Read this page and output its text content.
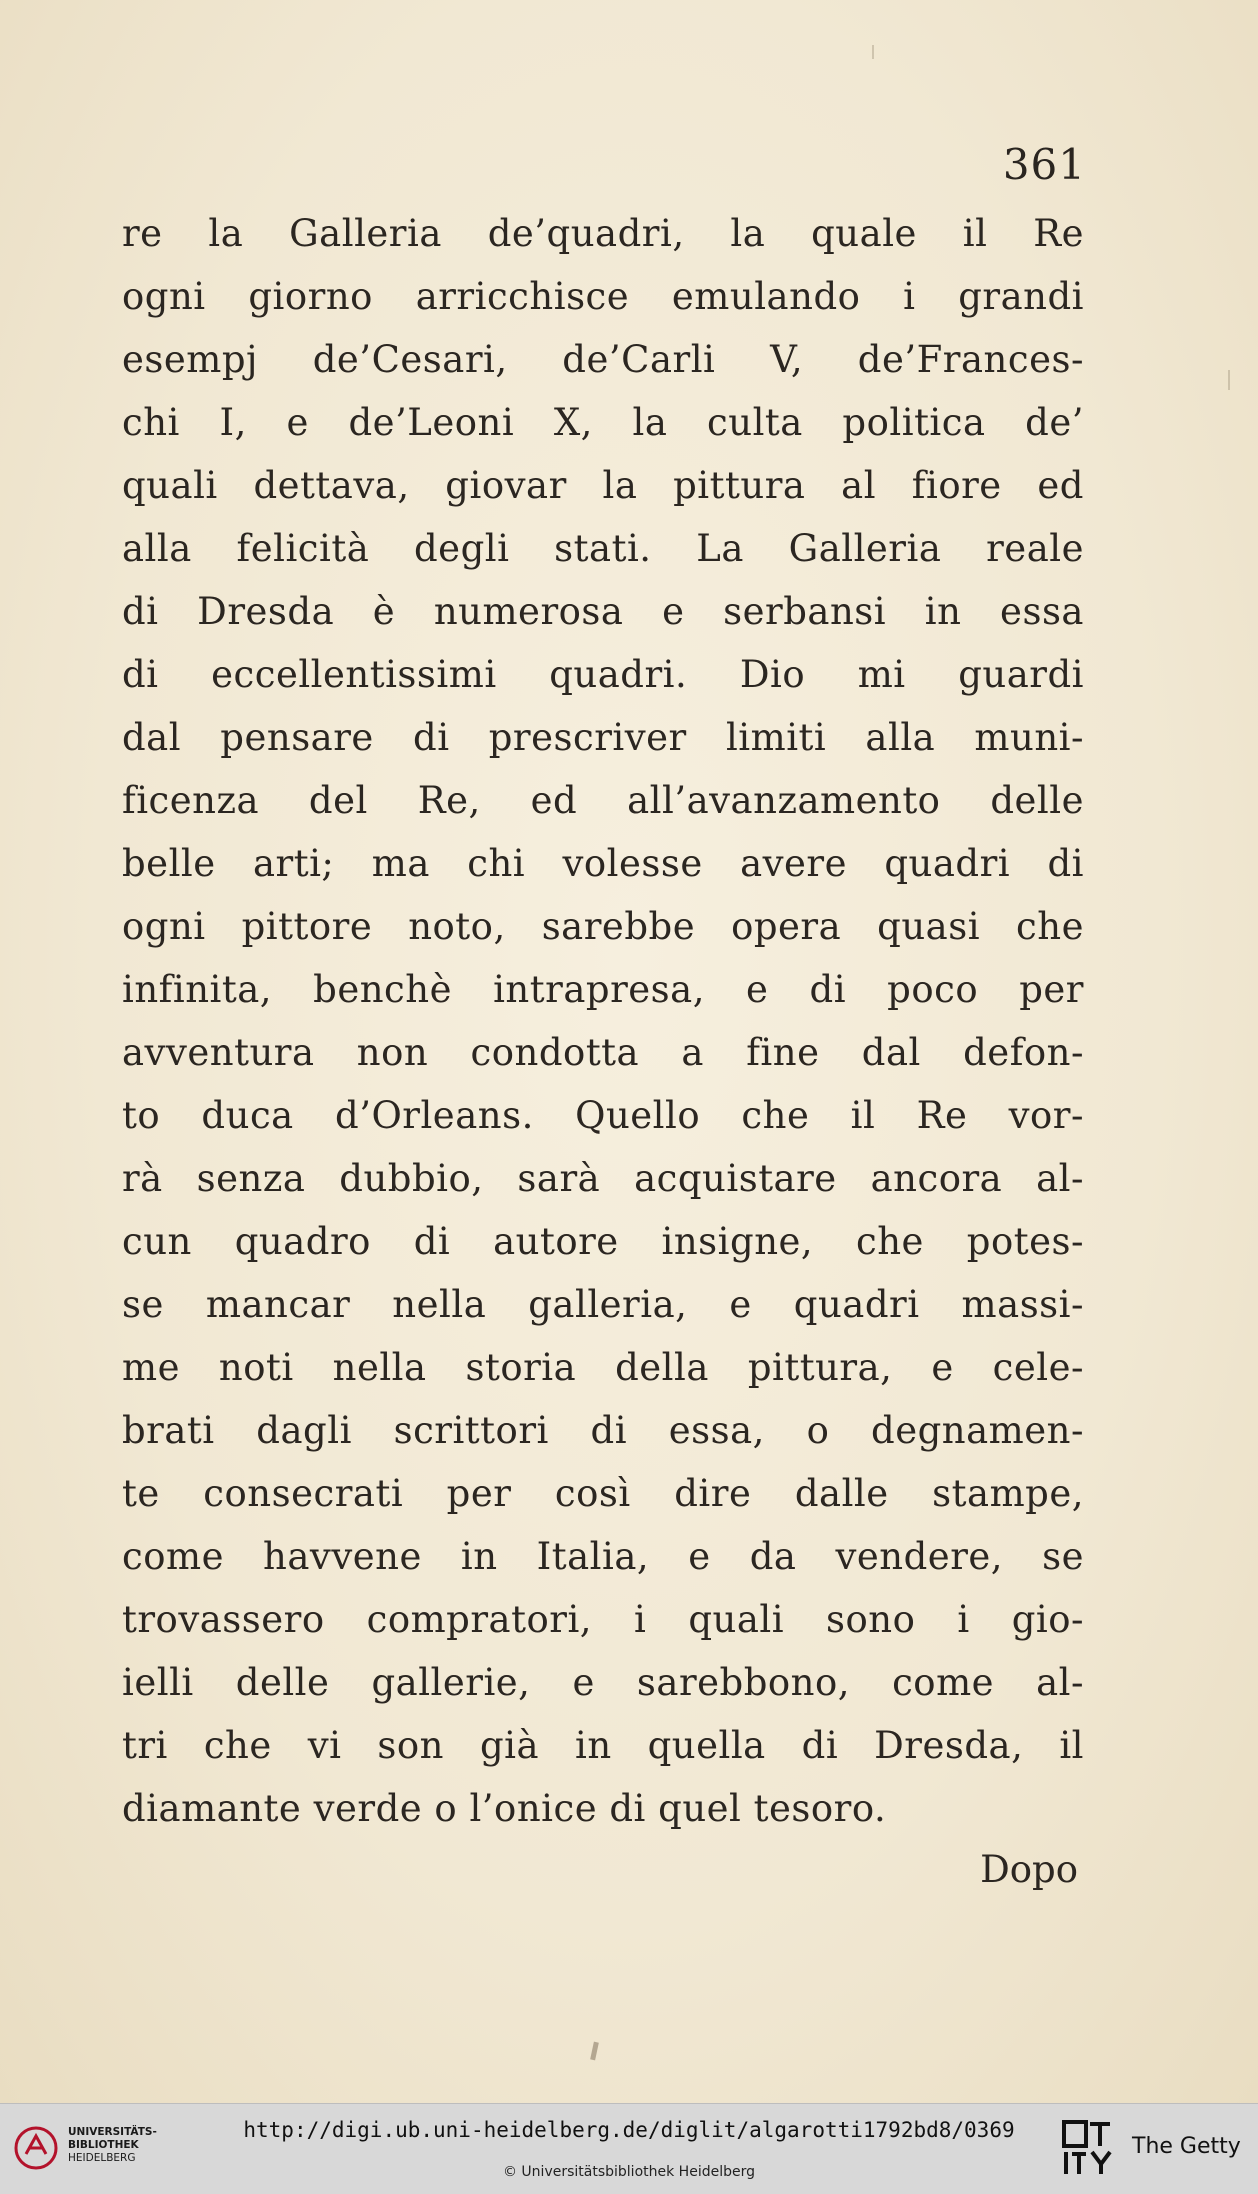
361
re la Galleria de’quadri, la quale il Re
ogni giorno arricchisce emulando i grandi
esempj de’Cesari, de’Carli V, de’Frances-
chi I, e de’Leoni X, la culta politica de’
quali dettava, giovar la pittura al fiore ed
alla felicità degli stati. La Galleria reale
di Dresda è numerosa e serbansi in essa
di eccellentissimi quadri. Dio mi guardi
dal pensare di prescriver limiti alla muni-
ficenza del Re, ed all’avanzamento delle
belle arti; ma chi volesse avere quadri di
ogni pittore noto, sarebbe opera quasi che
infinita, benchè intrapresa, e di poco per
avventura non condotta a fine dal defon-
to duca d’Orleans. Quello che il Re vor-
rà senza dubbio, sarà acquistare ancora al-
cun quadro di autore insigne, che potes-
se mancar nella galleria, e quadri massi-
me noti nella storia della pittura, e cele-
brati dagli scrittori di essa, o degnamen-
te consecrati per così dire dalle stampe,
come havvene in Italia, e da vendere, se
trovassero compratori, i quali sono i gio-
ielli delle gallerie, e sarebbono, come al-
tri che vi son già in quella di Dresda, il
diamante verde o l’onice di quel tesoro.
Dopo
UNIVERSITÄTS-
BIBLIOTHEK
HEIDELBERG
http://digi.ub.uni-heidelberg.de/diglit/algarotti1792bd8/0369
© Universitätsbibliothek Heidelberg
The Getty
